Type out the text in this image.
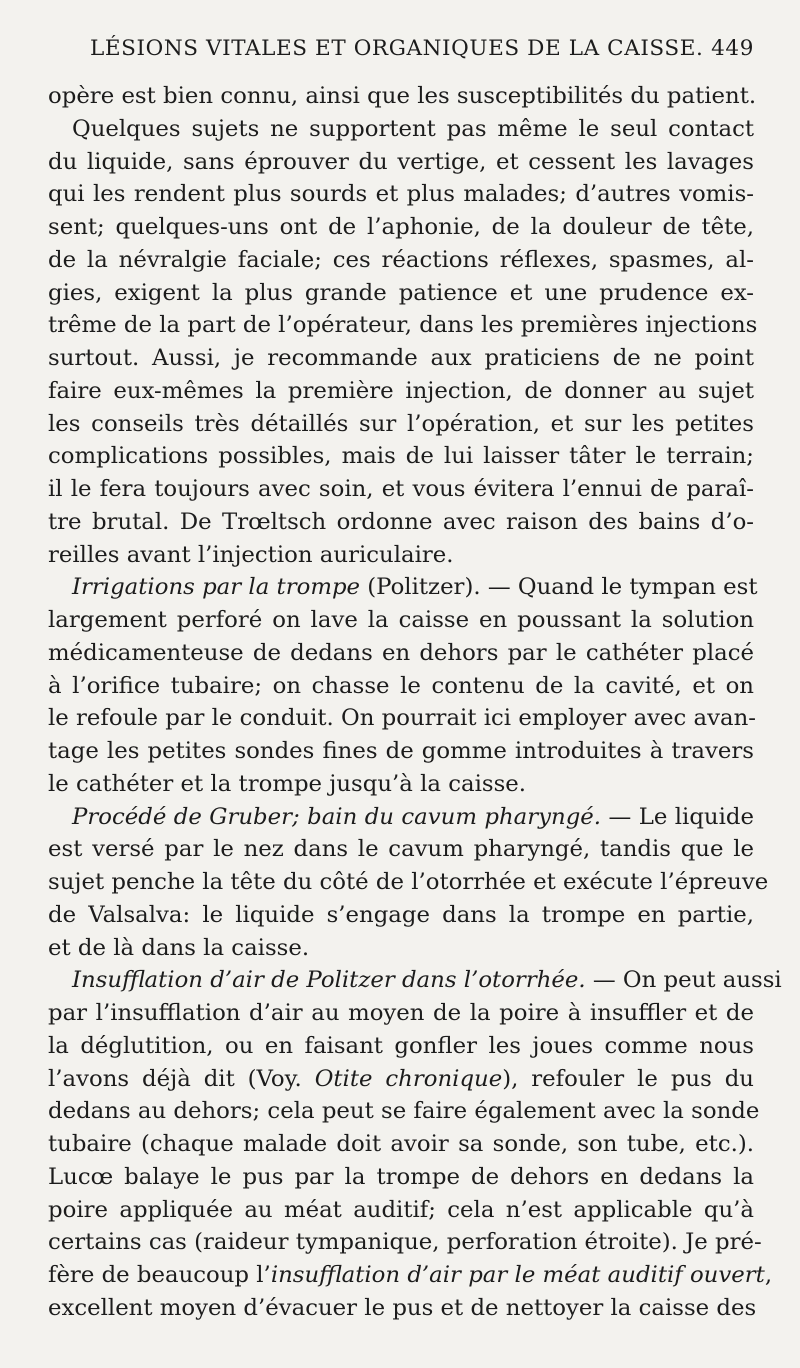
LÉSIONS VITALES ET ORGANIQUES DE LA CAISSE. 449
opère est bien connu, ainsi que les susceptibilités du patient.
Quelques sujets ne supportent pas même le seul contact
du liquide, sans éprouver du vertige, et cessent les lavages
qui les rendent plus sourds et plus malades; d’autres vomis-
sent; quelques-uns ont de l’aphonie, de la douleur de tête,
de la névralgie faciale; ces réactions réflexes, spasmes, al-
gies, exigent la plus grande patience et une prudence ex-
trême de la part de l’opérateur, dans les premières injections
surtout. Aussi, je recommande aux praticiens de ne point
faire eux-mêmes la première injection, de donner au sujet
les conseils très détaillés sur l’opération, et sur les petites
complications possibles, mais de lui laisser tâter le terrain;
il le fera toujours avec soin, et vous évitera l’ennui de paraî-
tre brutal. De Trœltsch ordonne avec raison des bains d’o-
reilles avant l’injection auriculaire.
Irrigations par la trompe (Politzer). — Quand le tympan est
largement perforé on lave la caisse en poussant la solution
médicamenteuse de dedans en dehors par le cathéter placé
à l’orifice tubaire; on chasse le contenu de la cavité, et on
le refoule par le conduit. On pourrait ici employer avec avan-
tage les petites sondes fines de gomme introduites à travers
le cathéter et la trompe jusqu’à la caisse.
Procédé de Gruber; bain du cavum pharyngé. — Le liquide
est versé par le nez dans le cavum pharyngé, tandis que le
sujet penche la tête du côté de l’otorrhée et exécute l’épreuve
de Valsalva: le liquide s’engage dans la trompe en partie,
et de là dans la caisse.
Insufflation d’air de Politzer dans l’otorrhée. — On peut aussi
par l’insufflation d’air au moyen de la poire à insuffler et de
la déglutition, ou en faisant gonfler les joues comme nous
l’avons déjà dit (Voy. Otite chronique), refouler le pus du
dedans au dehors; cela peut se faire également avec la sonde
tubaire (chaque malade doit avoir sa sonde, son tube, etc.).
Lucœ balaye le pus par la trompe de dehors en dedans la
poire appliquée au méat auditif; cela n’est applicable qu’à
certains cas (raideur tympanique, perforation étroite). Je pré-
fère de beaucoup l’insufflation d’air par le méat auditif ouvert,
excellent moyen d’évacuer le pus et de nettoyer la caisse des
